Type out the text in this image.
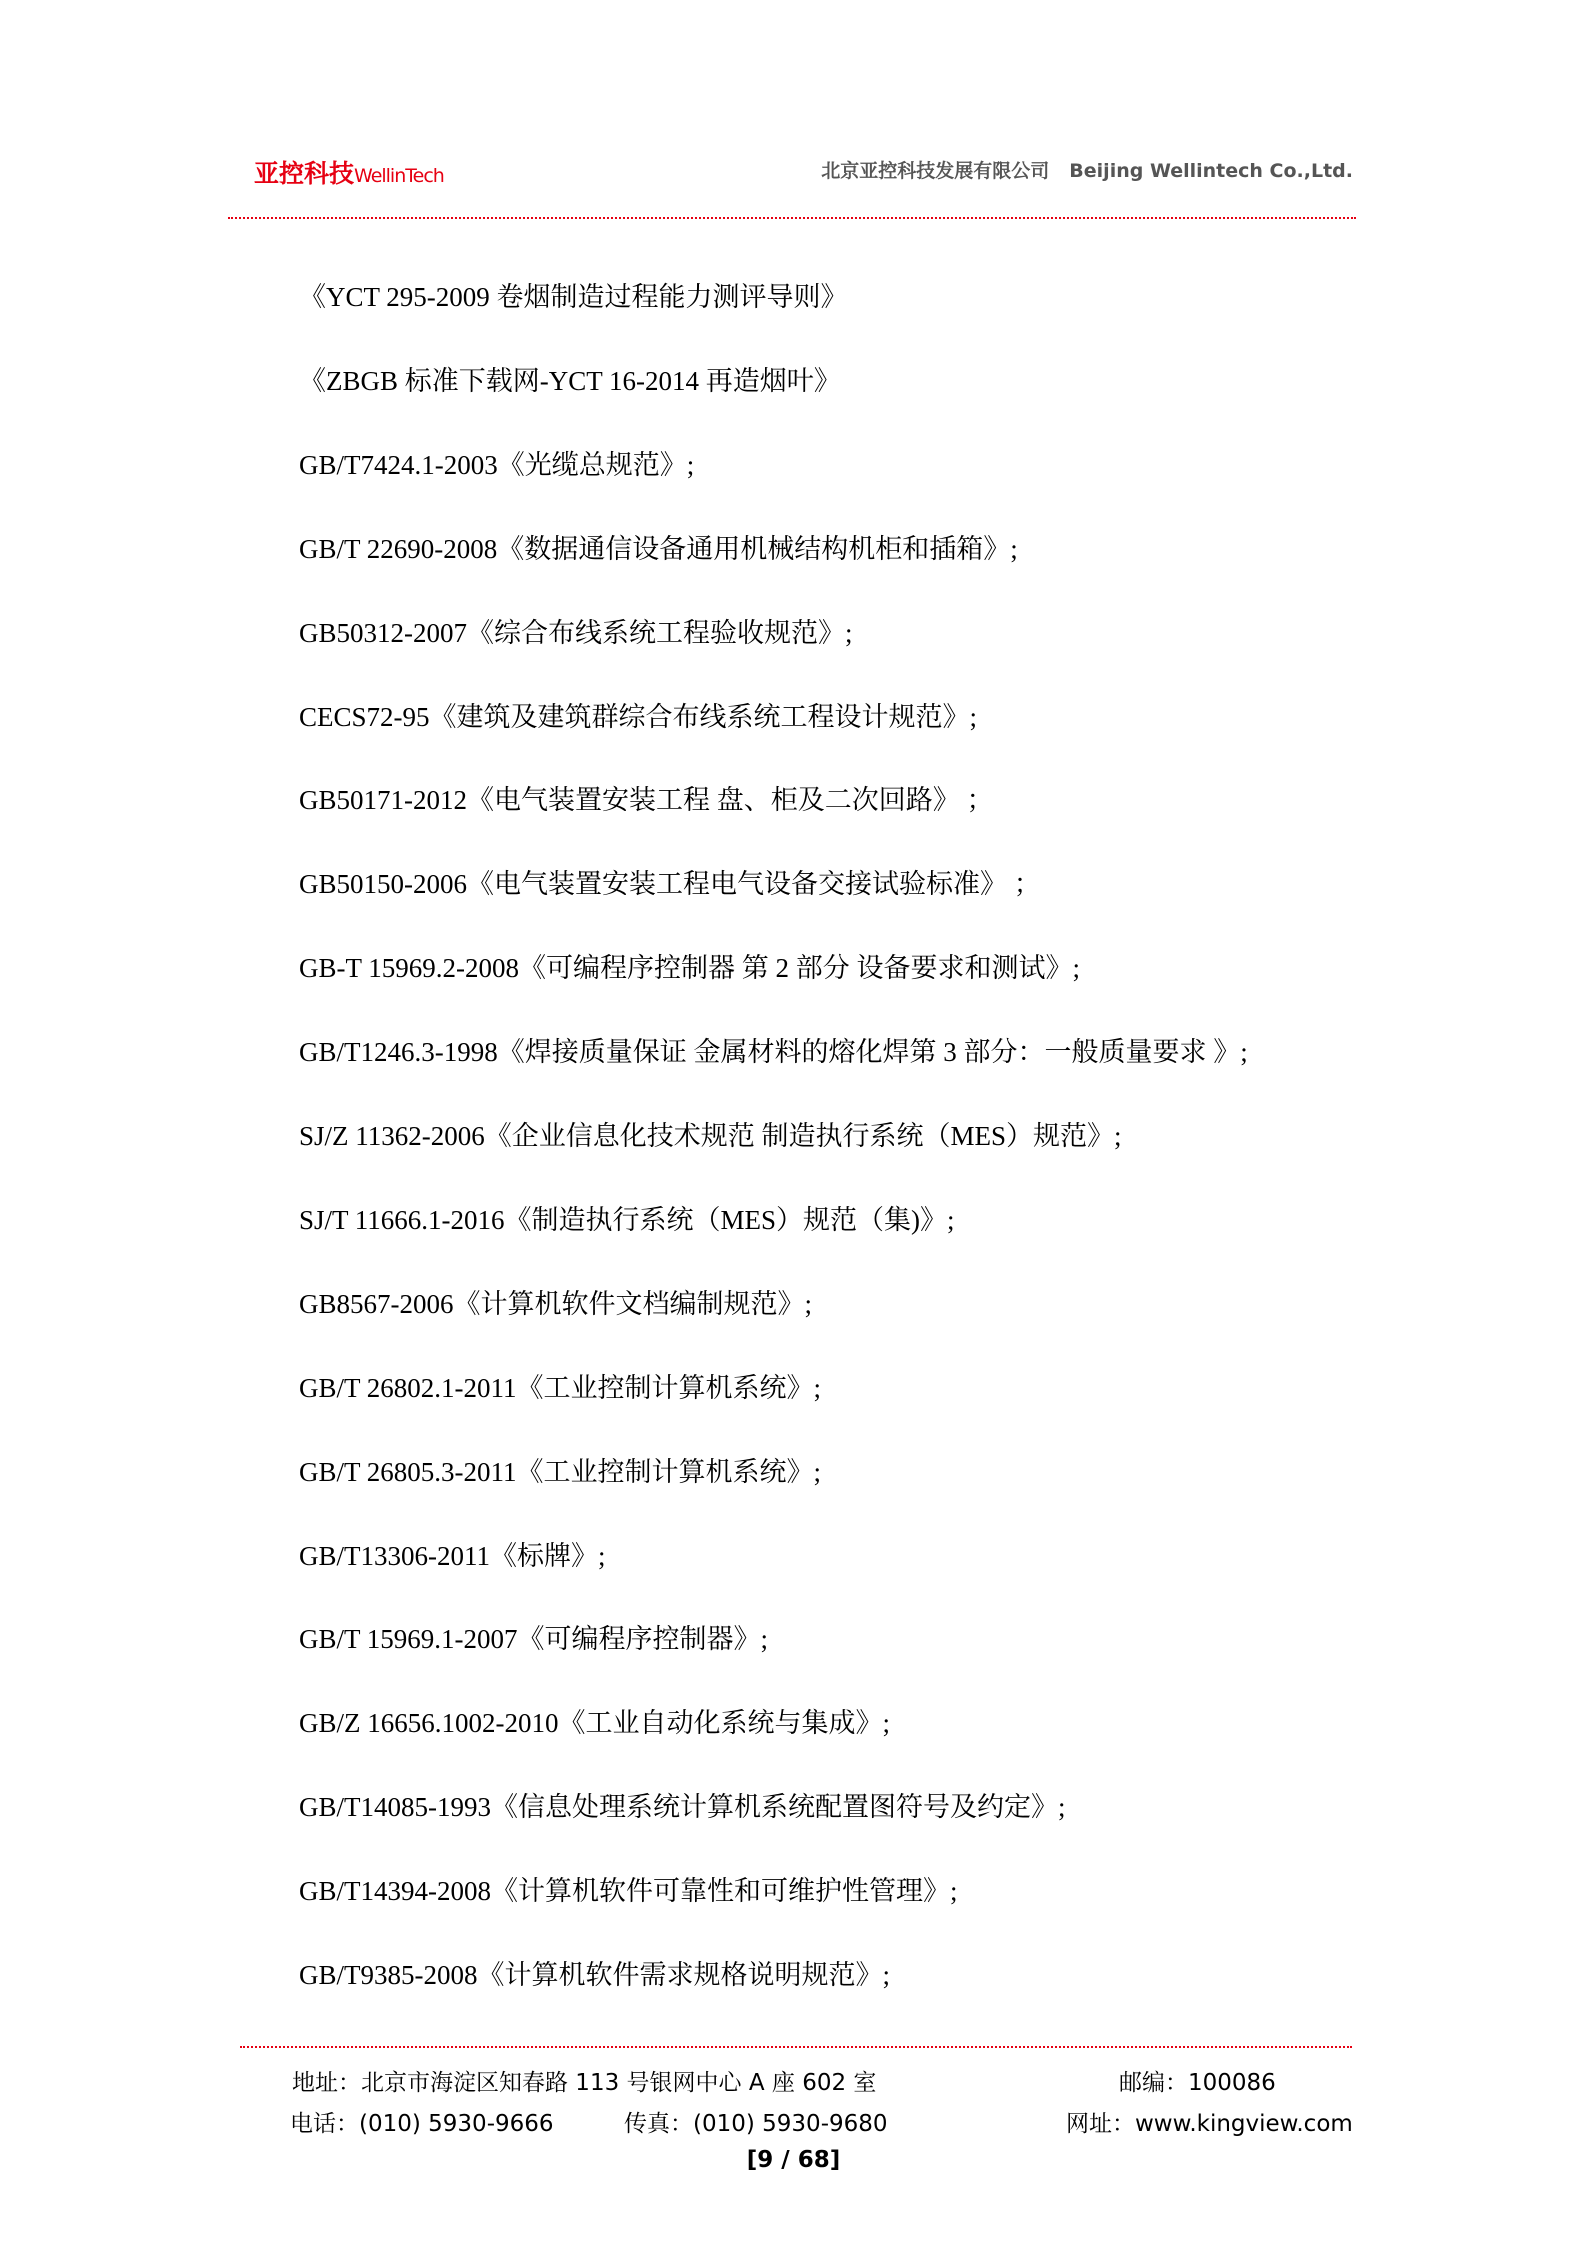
亚控科技WellinTech	北京亚控科技发展有限公司 Beijing Wellintech Co.,Ltd.
《YCT 295-2009 卷烟制造过程能力测评导则》
《ZBGB 标准下载网-YCT 16-2014 再造烟叶》
GB/T7424.1-2003《光缆总规范》;
GB/T 22690-2008《数据通信设备通用机械结构机柜和插箱》;
GB50312-2007《综合布线系统工程验收规范》;
CECS72-95《建筑及建筑群综合布线系统工程设计规范》;
GB50171-2012《电气装置安装工程 盘、柜及二次回路》 ；
GB50150-2006《电气装置安装工程电气设备交接试验标准》 ；
GB-T 15969.2-2008《可编程序控制器 第 2 部分 设备要求和测试》;
GB/T1246.3-1998《焊接质量保证 金属材料的熔化焊第 3 部分：一般质量要求 》;
SJ/Z 11362-2006《企业信息化技术规范 制造执行系统（MES）规范》;
SJ/T 11666.1-2016《制造执行系统（MES）规范（集)》;
GB8567-2006《计算机软件文档编制规范》;
GB/T 26802.1-2011《工业控制计算机系统》;
GB/T 26805.3-2011《工业控制计算机系统》;
GB/T13306-2011《标牌》;
GB/T 15969.1-2007《可编程序控制器》;
GB/Z 16656.1002-2010《工业自动化系统与集成》;
GB/T14085-1993《信息处理系统计算机系统配置图符号及约定》;
GB/T14394-2008《计算机软件可靠性和可维护性管理》;
GB/T9385-2008《计算机软件需求规格说明规范》;
地址：北京市海淀区知春路 113 号银网中心 A 座 602 室	邮编：100086
电话：(010) 5930-9666	传真：(010) 5930-9680	网址：www.kingview.com
[9 / 68]
